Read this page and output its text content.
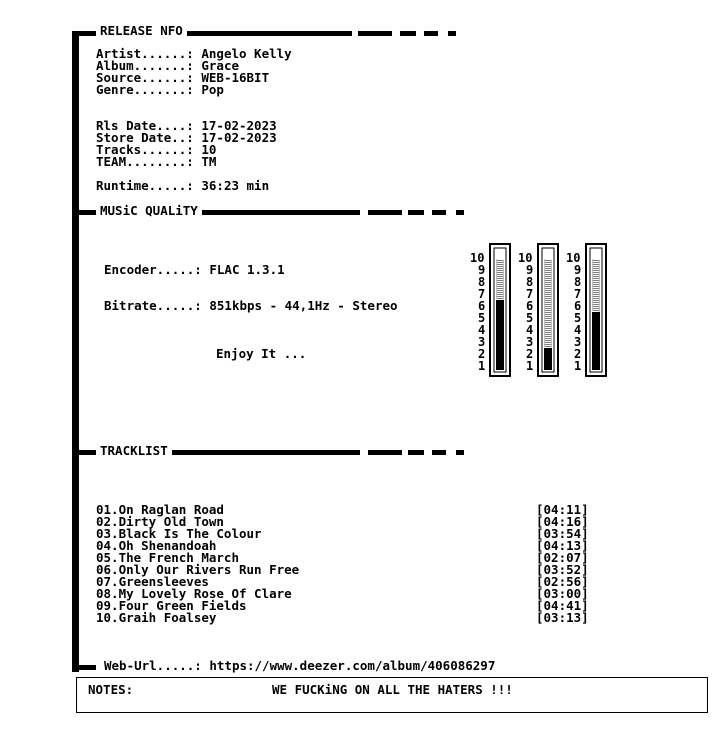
RELEASE NFO
Artist......: Angelo Kelly
Album.......: Grace
Source......: WEB-16BIT
Genre.......: Pop
Rls Date....: 17-02-2023
Store Date..: 17-02-2023
Tracks......: 10
TEAM........: TM
Runtime.....: 36:23 min
MUSiC QUALiTY
Encoder.....: FLAC 1.3.1
Bitrate.....: 851kbps - 44,1Hz - Stereo
Enjoy It ...
10
9
8
7
6
5
4
3
2
1
10
9
8
7
6
5
4
3
2
1
10
9
8
7
6
5
4
3
2
1
TRACKLIST
01.On Raglan Road	[04:11]
02.Dirty Old Town	[04:16]
03.Black Is The Colour	[03:54]
04.Oh Shenandoah	[04:13]
05.The French March	[02:07]
06.Only Our Rivers Run Free	[03:52]
07.Greensleeves	[02:56]
08.My Lovely Rose Of Clare	[03:00]
09.Four Green Fields	[04:41]
10.Graih Foalsey	[03:13]
Web-Url.....: https://www.deezer.com/album/406086297
NOTES:	WE FUCKiNG ON ALL THE HATERS !!!
